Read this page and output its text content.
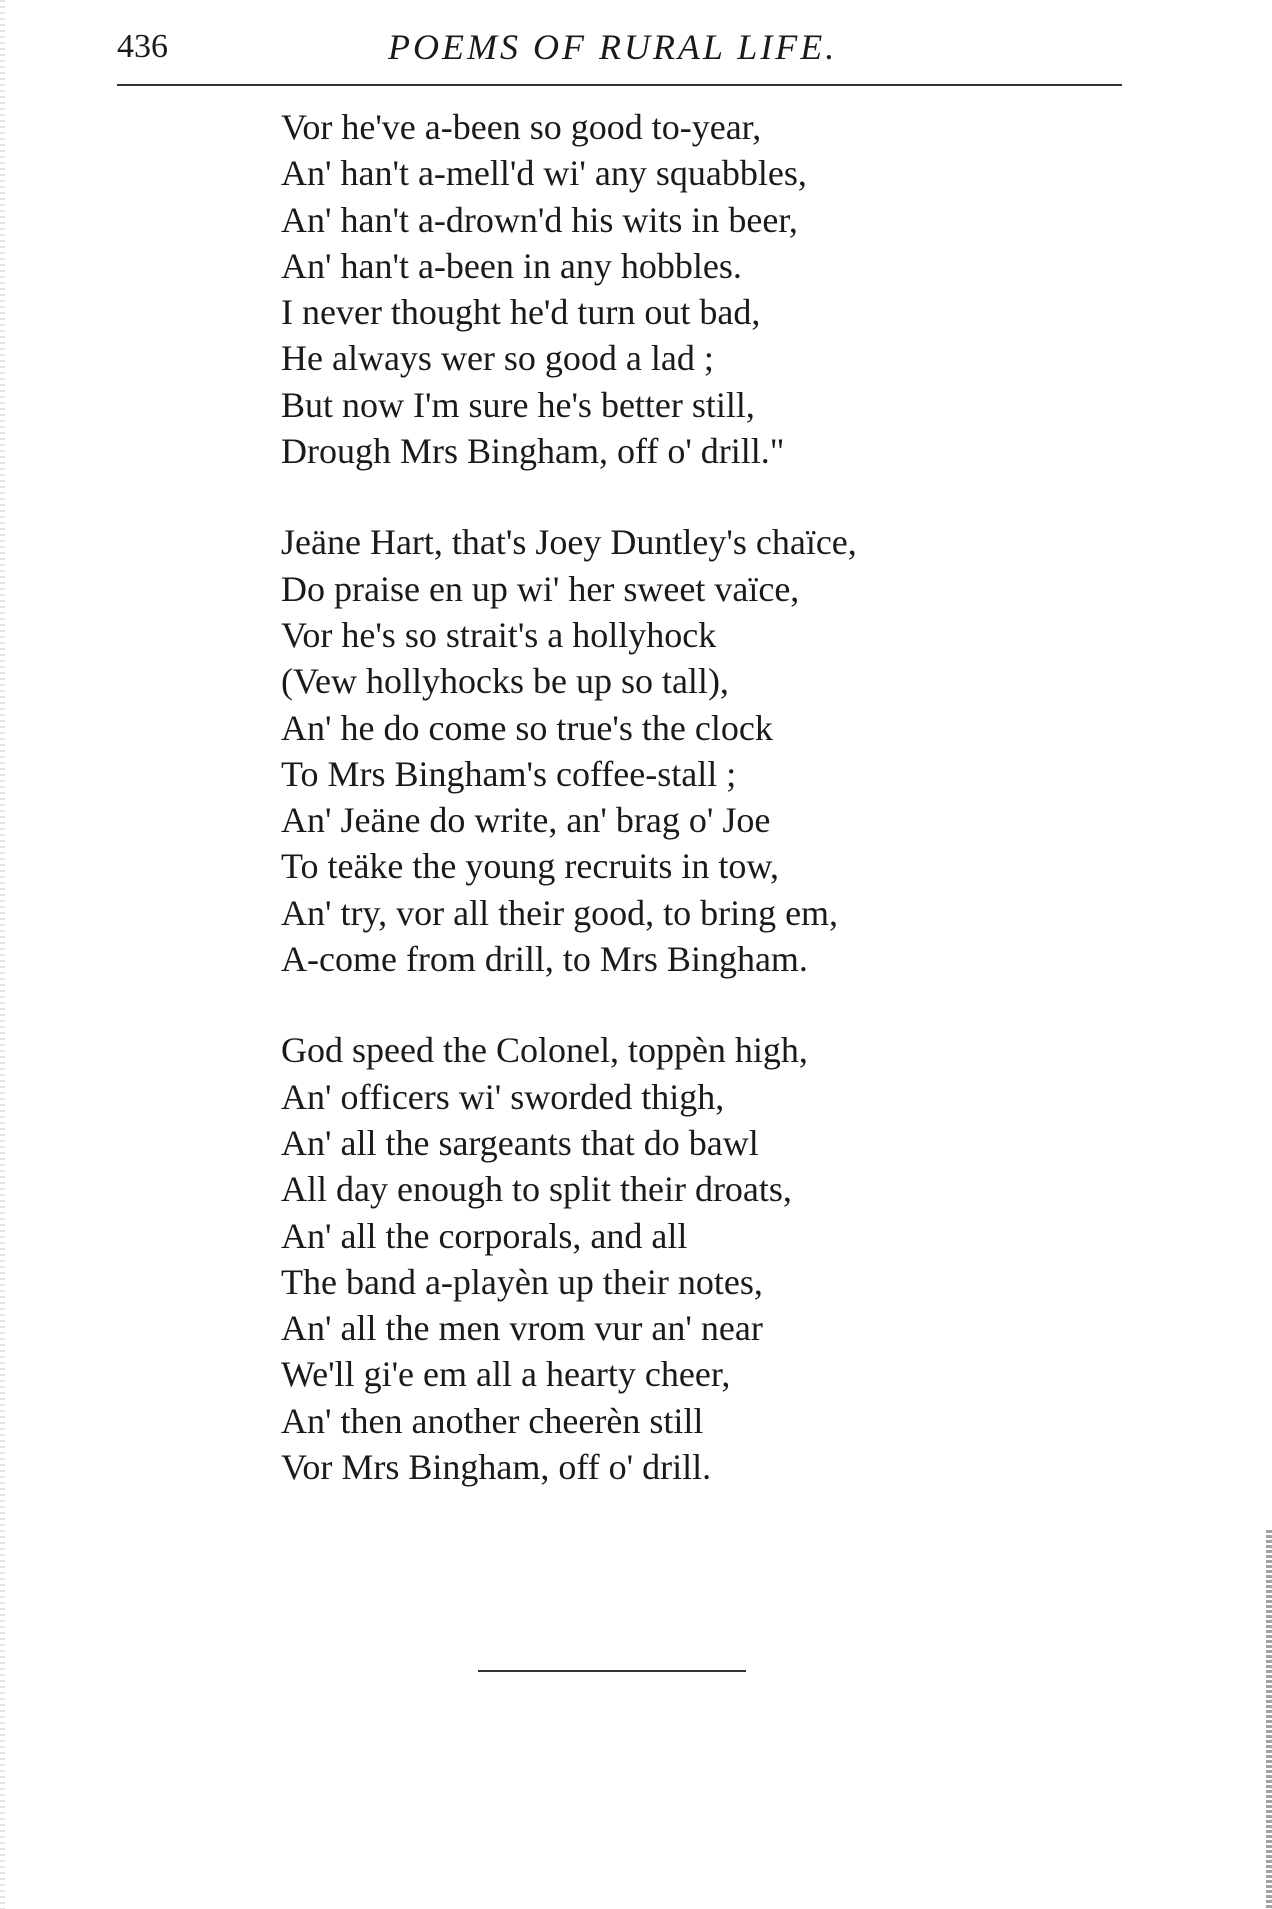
436	POEMS OF RURAL LIFE.
Vor he've a-been so good to-year,
An' han't a-mell'd wi' any squabbles,
An' han't a-drown'd his wits in beer,
An' han't a-been in any hobbles.
I never thought he'd turn out bad,
He always wer so good a lad ;
But now I'm sure he's better still,
Drough Mrs Bingham, off o' drill."
Jeäne Hart, that's Joey Duntley's chaïce,
Do praise en up wi' her sweet vaïce,
Vor he's so strait's a hollyhock
(Vew hollyhocks be up so tall),
An' he do come so true's the clock
To Mrs Bingham's coffee-stall ;
An' Jeäne do write, an' brag o' Joe
To teäke the young recruits in tow,
An' try, vor all their good, to bring em,
A-come from drill, to Mrs Bingham.
God speed the Colonel, toppèn high,
An' officers wi' sworded thigh,
An' all the sargeants that do bawl
All day enough to split their droats,
An' all the corporals, and all
The band a-playèn up their notes,
An' all the men vrom vur an' near
We'll gi'e em all a hearty cheer,
An' then another cheerèn still
Vor Mrs Bingham, off o' drill.
